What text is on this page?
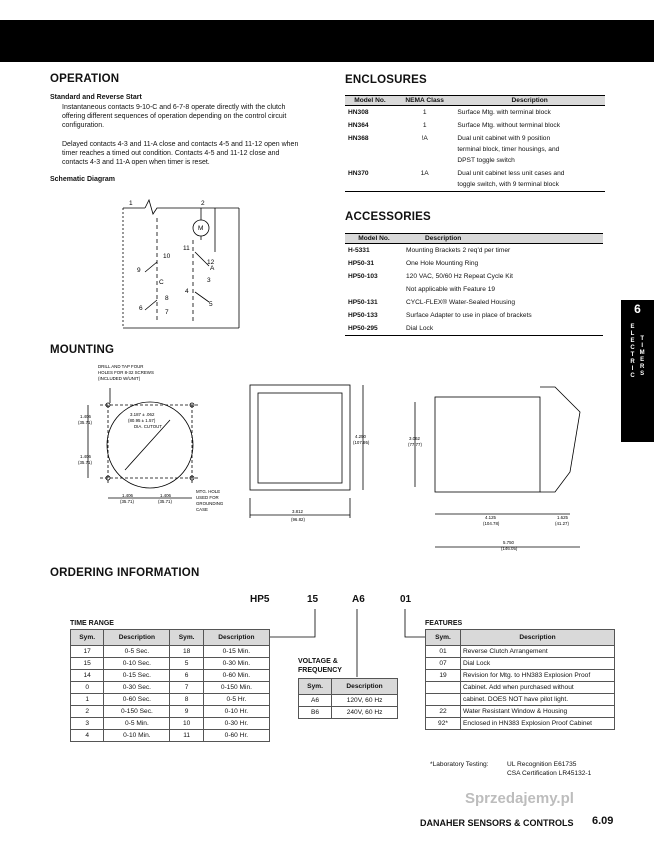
OPERATION
Standard and Reverse Start
Instantaneous contacts 9-10-C and 6-7-8 operate directly with the clutch offering different sequences of operation depending on the control circuit configuration.
Delayed contacts 4-3 and 11-A close and contacts 4-5 and 11-12 open when timer reaches a timed out condition. Contacts 4-5 and 11-12 close and contacts 4-3 and 11-A open when timer is reset.
Schematic Diagram
1	2
M
10
11
A
12
9
C	3
4
5
8
6
7
ENCLOSURES
Model No.	NEMA Class	Description
HN308	1	Surface Mtg. with terminal block
HN364	1	Surface Mtg. without terminal block
HN368	!A	Dual unit cabinet with 9 position
terminal block, timer housings, and
DPST toggle switch

HN370	1A	Dual unit cabinet less unit cases and
toggle switch, with 9 terminal block
ACCESSORIES
Model No.	Description
H-5331	Mounting Brackets 2 req'd per timer
HP50-31	One Hole Mounting Ring
HP50-103	120 VAC, 50/60 Hz Repeat Cycle Kit
	Not applicable with Feature 19
HP50-131	CYCL-FLEX® Water-Sealed Housing
HP50-133	Surface Adapter to use in place of brackets
HP50-295	Dial Lock
6
E
L
E
C
T
R
I
C
T
I
M
E
R
S
MOUNTING
DRILL AND TAP FOUR
HOLES FOR 8-32 SCREWS
(INCLUDED W/UNIT)
1.406
(35.71)
1.406
(35.71)
3.187 ± .062
(80.95 ± 1.57)
DIA. CUTOUT
1.406
(35.71)
1.406
(35.71)
MTG. HOLE
USED FOR
GROUNDING
CASE	3.812
(96.82)
4.250
(107.95)
3.062
(77.77)
4.125
(104.78)
1.625
(41.27)
5.750
(146.05)
ORDERING INFORMATION
HP5	15	A6	01
TIME RANGE
Sym.	Description	Sym.	Description
17	0-5 Sec.	18	0-15 Min.
15	0-10 Sec.	5	0-30 Min.
14	0-15 Sec.	6	0-60 Min.
0	0-30 Sec.	7	0-150 Min.
1	0-60 Sec.	8	0-5 Hr.
2	0-150 Sec.	9	0-10 Hr.
3	0-5 Min.	10	0-30 Hr.
4	0-10 Min.	11	0-60 Hr.
VOLTAGE &
FREQUENCY
Sym.	Description
A6	120V, 60 Hz
B6	240V, 60 Hz
FEATURES
Sym.	Description
01	Reverse Clutch Arrangement
07	Dial Lock
19	Revision for Mtg. to HN383 Explosion Proof
	Cabinet. Add when purchased without
	cabinet. DOES NOT have pilot light.
22	Water Resistant Window & Housing
92*	Enclosed in HN383 Explosion Proof Cabinet
*Laboratory Testing:	UL Recognition E61735
CSA Certification LR45132-1
Sprzedajemy.pl
DANAHER SENSORS & CONTROLS 6.09
